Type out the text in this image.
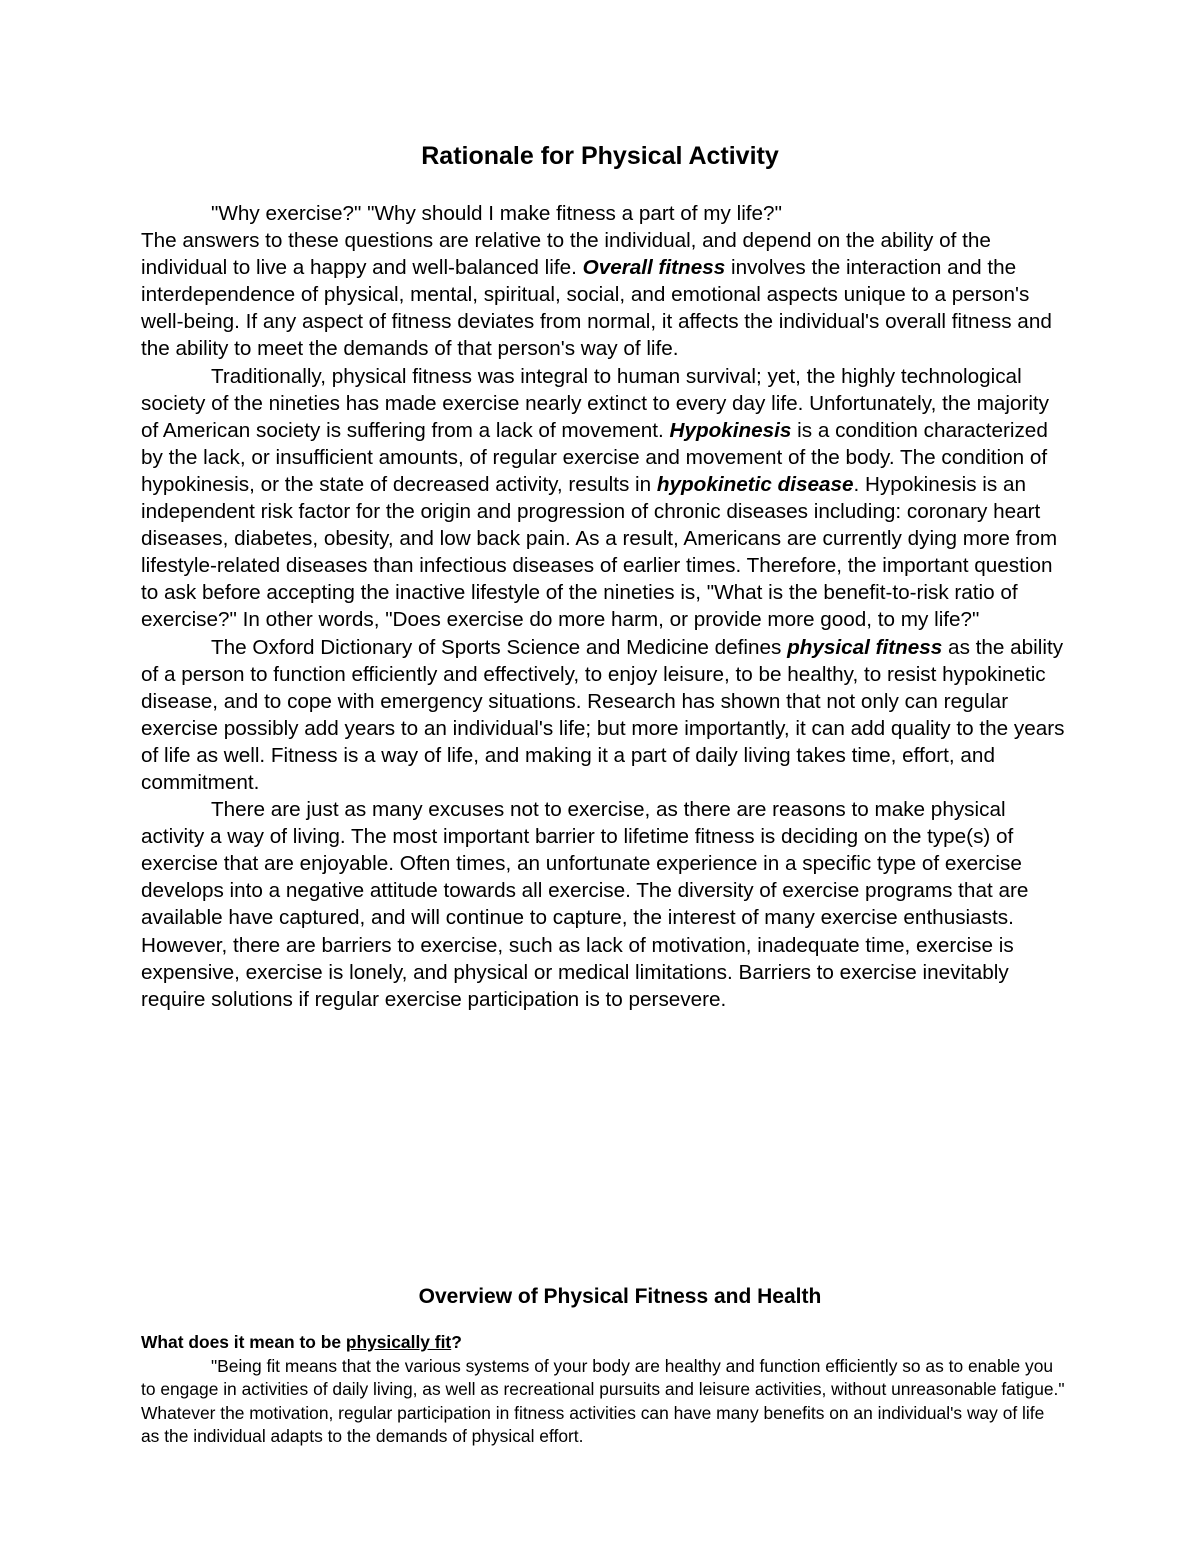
Rationale for Physical Activity

"Why exercise?" "Why should I make fitness a part of my life?"

The answers to these questions are relative to the individual, and depend on the ability of the individual to live a happy and well-balanced life. Overall fitness involves the interaction and the interdependence of physical, mental, spiritual, social, and emotional aspects unique to a person's well-being. If any aspect of fitness deviates from normal, it affects the individual's overall fitness and the ability to meet the demands of that person's way of life.

Traditionally, physical fitness was integral to human survival; yet, the highly technological society of the nineties has made exercise nearly extinct to every day life. Unfortunately, the majority of American society is suffering from a lack of movement. Hypokinesis is a condition characterized by the lack, or insufficient amounts, of regular exercise and movement of the body. The condition of hypokinesis, or the state of decreased activity, results in hypokinetic disease. Hypokinesis is an independent risk factor for the origin and progression of chronic diseases including: coronary heart diseases, diabetes, obesity, and low back pain. As a result, Americans are currently dying more from lifestyle-related diseases than infectious diseases of earlier times. Therefore, the important question to ask before accepting the inactive lifestyle of the nineties is, "What is the benefit-to-risk ratio of exercise?" In other words, "Does exercise do more harm, or provide more good, to my life?"

The Oxford Dictionary of Sports Science and Medicine defines physical fitness as the ability of a person to function efficiently and effectively, to enjoy leisure, to be healthy, to resist hypokinetic disease, and to cope with emergency situations. Research has shown that not only can regular exercise possibly add years to an individual's life; but more importantly, it can add quality to the years of life as well. Fitness is a way of life, and making it a part of daily living takes time, effort, and commitment.

There are just as many excuses not to exercise, as there are reasons to make physical activity a way of living. The most important barrier to lifetime fitness is deciding on the type(s) of exercise that are enjoyable. Often times, an unfortunate experience in a specific type of exercise develops into a negative attitude towards all exercise. The diversity of exercise programs that are available have captured, and will continue to capture, the interest of many exercise enthusiasts. However, there are barriers to exercise, such as lack of motivation, inadequate time, exercise is expensive, exercise is lonely, and physical or medical limitations. Barriers to exercise inevitably require solutions if regular exercise participation is to persevere.

Overview of Physical Fitness and Health

What does it mean to be physically fit?

"Being fit means that the various systems of your body are healthy and function efficiently so as to enable you to engage in activities of daily living, as well as recreational pursuits and leisure activities, without unreasonable fatigue." Whatever the motivation, regular participation in fitness activities can have many benefits on an individual's way of life as the individual adapts to the demands of physical effort.
